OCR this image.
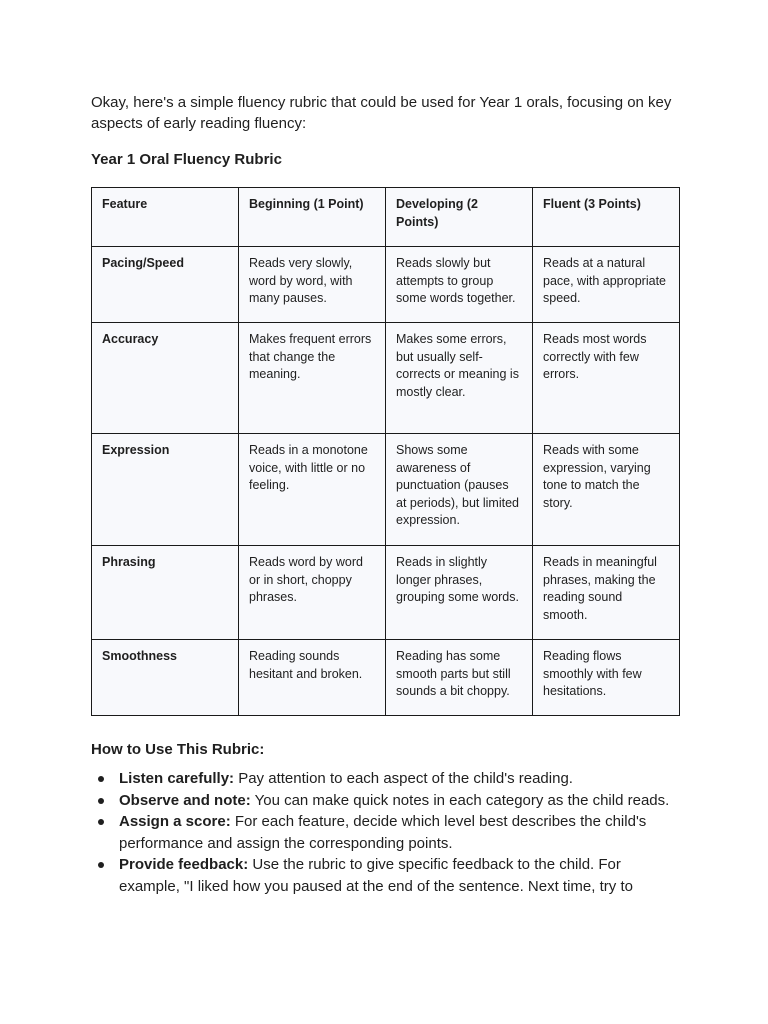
Okay, here's a simple fluency rubric that could be used for Year 1 orals, focusing on key aspects of early reading fluency:

Year 1 Oral Fluency Rubric
Feature	Beginning (1 Point)	Developing (2 Points)	Fluent (3 Points)
Pacing/Speed	Reads very slowly, word by word, with many pauses.	Reads slowly but attempts to group some words together.	Reads at a natural pace, with appropriate speed.
Accuracy	Makes frequent errors that change the meaning.	Makes some errors, but usually self-corrects or meaning is mostly clear.	Reads most words correctly with few errors.
Expression	Reads in a monotone voice, with little or no feeling.	Shows some awareness of punctuation (pauses at periods), but limited expression.	Reads with some expression, varying tone to match the story.
Phrasing	Reads word by word or in short, choppy phrases.	Reads in slightly longer phrases, grouping some words.	Reads in meaningful phrases, making the reading sound smooth.
Smoothness	Reading sounds hesitant and broken.	Reading has some smooth parts but still sounds a bit choppy.	Reading flows smoothly with few hesitations.
How to Use This Rubric:
Listen carefully: Pay attention to each aspect of the child's reading.
Observe and note: You can make quick notes in each category as the child reads.
Assign a score: For each feature, decide which level best describes the child's performance and assign the corresponding points.
Provide feedback: Use the rubric to give specific feedback to the child. For example, "I liked how you paused at the end of the sentence. Next time, try to
